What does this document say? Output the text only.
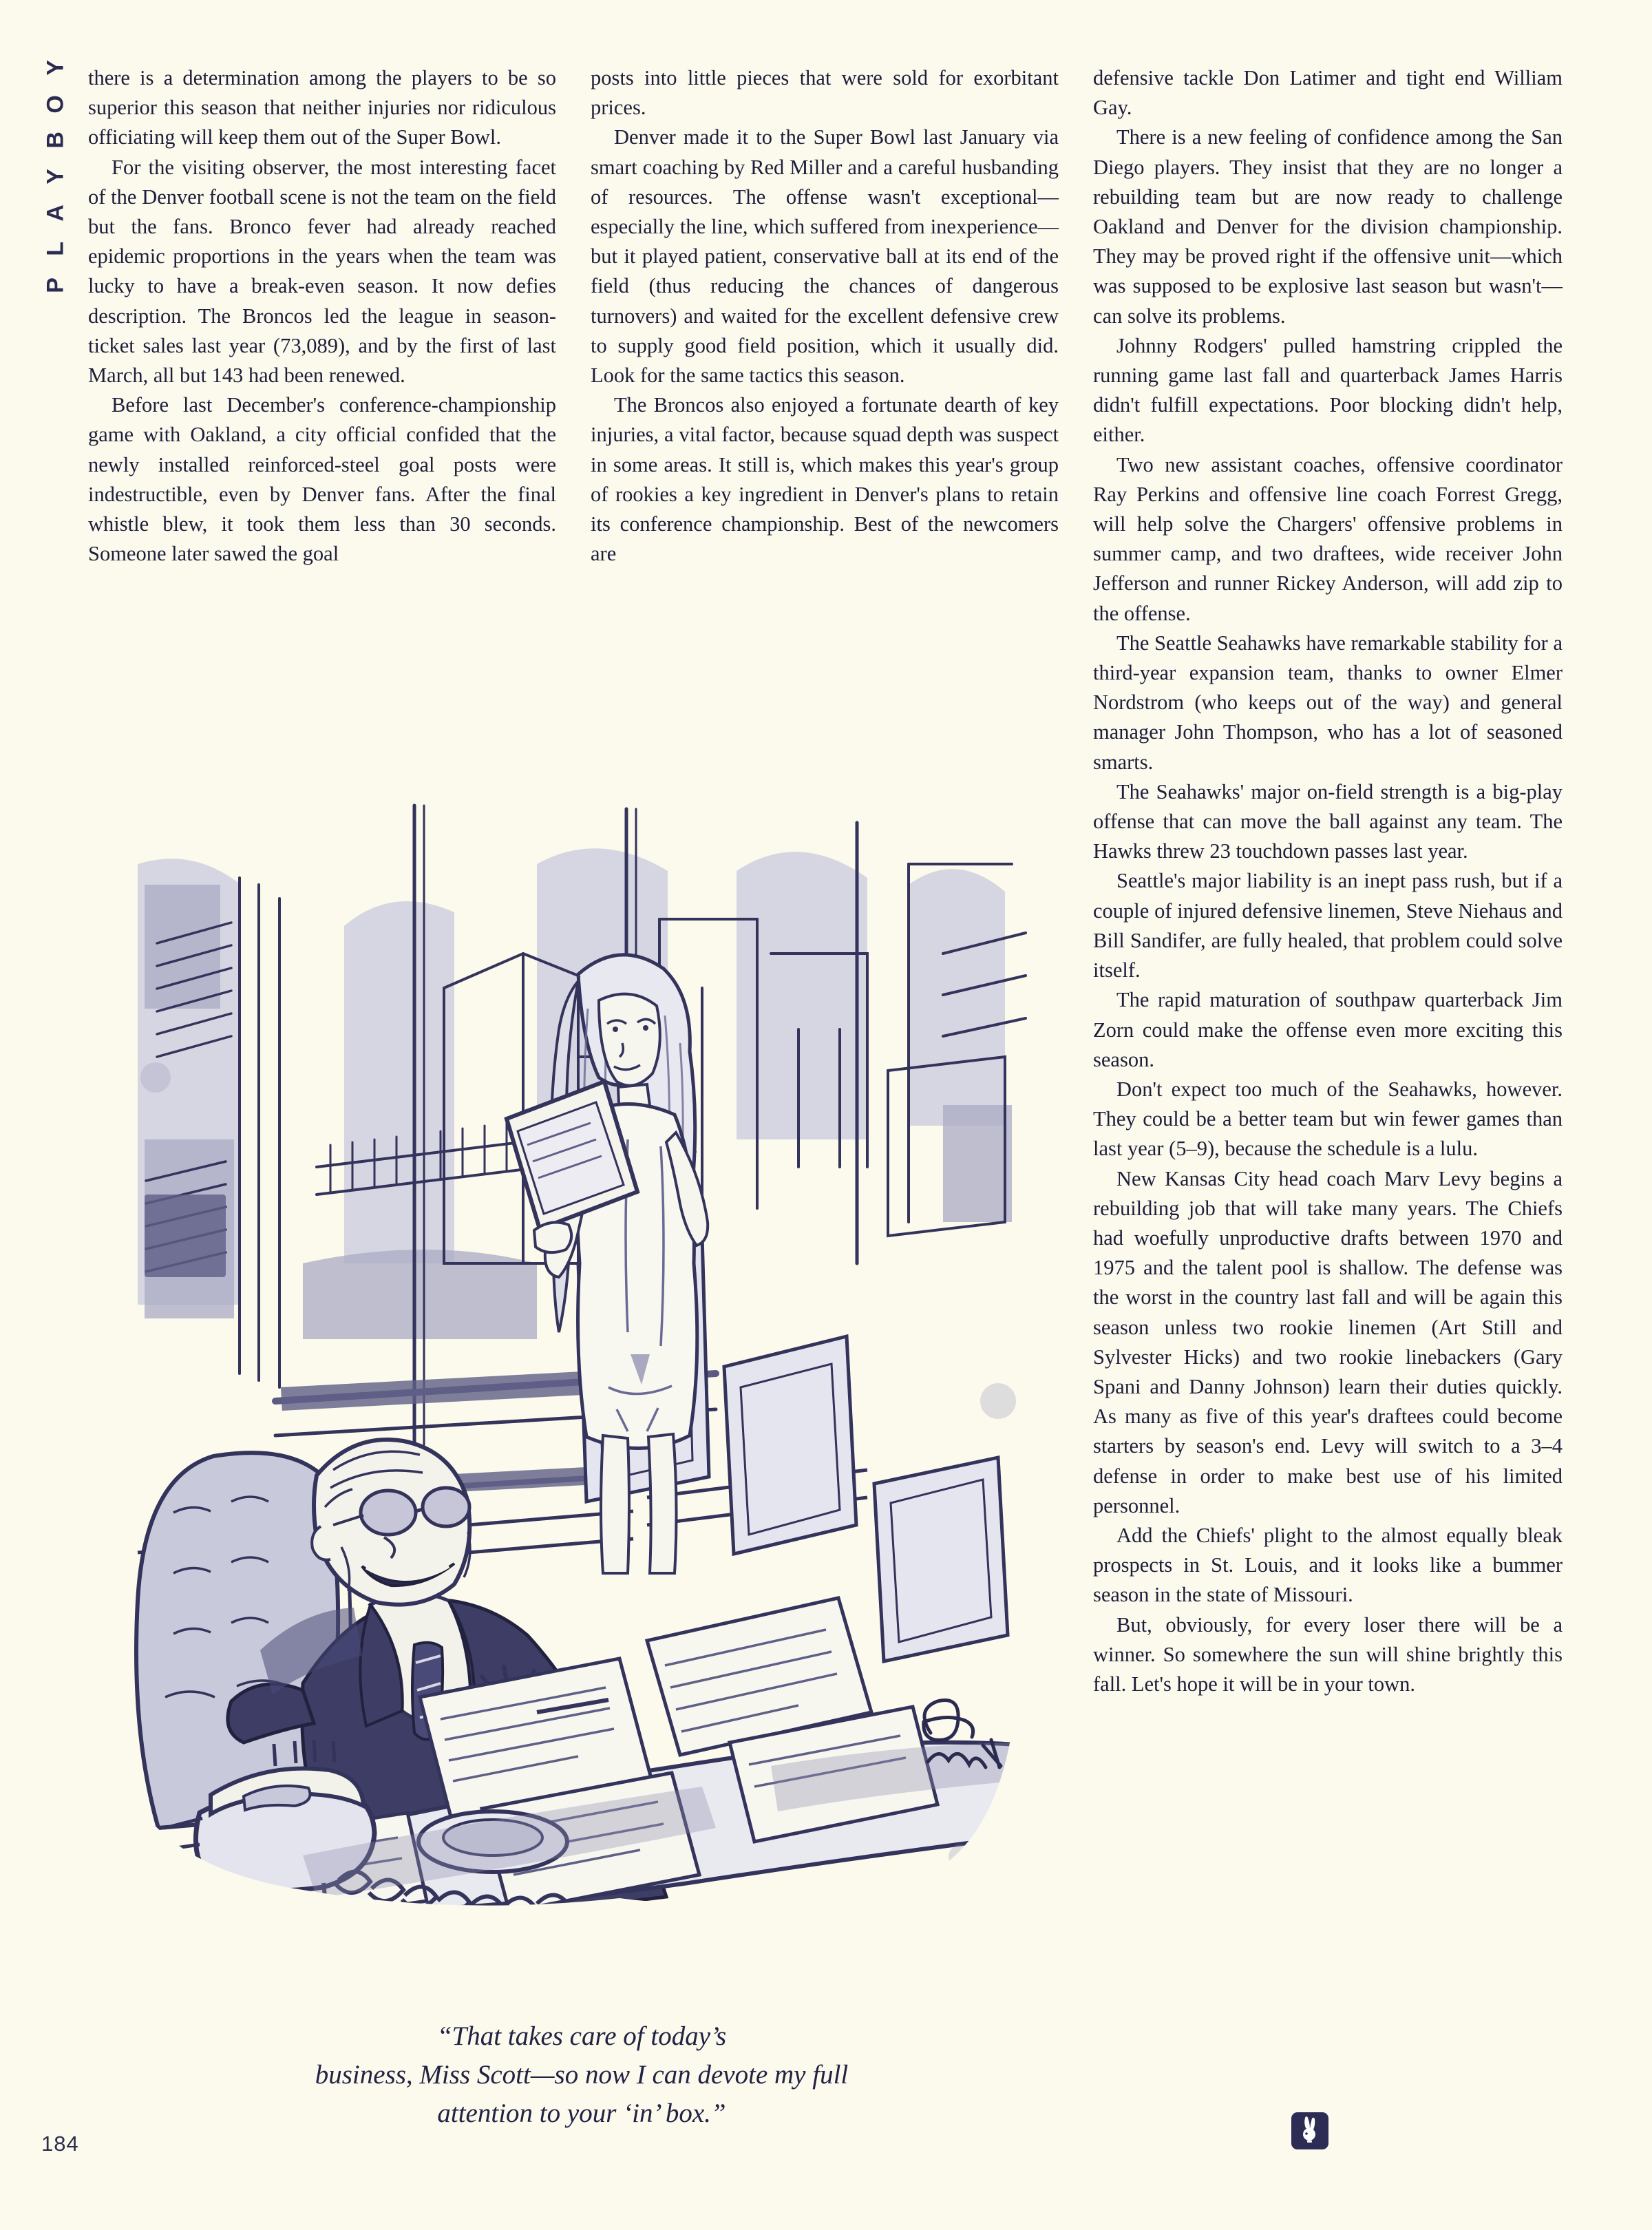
Y
O
B
Y
A
L
P

there is a determination among the players to be so superior this season that neither injuries nor ridiculous officiating will keep them out of the Super Bowl.

For the visiting observer, the most interesting facet of the Denver football scene is not the team on the field but the fans. Bronco fever had already reached epidemic proportions in the years when the team was lucky to have a break-even season. It now defies description. The Broncos led the league in season-ticket sales last year (73,089), and by the first of last March, all but 143 had been renewed.

Before last December's conference-championship game with Oakland, a city official confided that the newly installed reinforced-steel goal posts were indestructible, even by Denver fans. After the final whistle blew, it took them less than 30 seconds. Someone later sawed the goal

posts into little pieces that were sold for exorbitant prices.

Denver made it to the Super Bowl last January via smart coaching by Red Miller and a careful husbanding of resources. The offense wasn't exceptional—especially the line, which suffered from inexperience—but it played patient, conservative ball at its end of the field (thus reducing the chances of dangerous turnovers) and waited for the excellent defensive crew to supply good field position, which it usually did. Look for the same tactics this season.

The Broncos also enjoyed a fortunate dearth of key injuries, a vital factor, because squad depth was suspect in some areas. It still is, which makes this year's group of rookies a key ingredient in Denver's plans to retain its conference championship. Best of the newcomers are

defensive tackle Don Latimer and tight end William Gay.

There is a new feeling of confidence among the San Diego players. They insist that they are no longer a rebuilding team but are now ready to challenge Oakland and Denver for the division championship. They may be proved right if the offensive unit—which was supposed to be explosive last season but wasn't—can solve its problems.

Johnny Rodgers' pulled hamstring crippled the running game last fall and quarterback James Harris didn't fulfill expectations. Poor blocking didn't help, either.

Two new assistant coaches, offensive coordinator Ray Perkins and offensive line coach Forrest Gregg, will help solve the Chargers' offensive problems in summer camp, and two draftees, wide receiver John Jefferson and runner Rickey Anderson, will add zip to the offense.

The Seattle Seahawks have remarkable stability for a third-year expansion team, thanks to owner Elmer Nordstrom (who keeps out of the way) and general manager John Thompson, who has a lot of seasoned smarts.

The Seahawks' major on-field strength is a big-play offense that can move the ball against any team. The Hawks threw 23 touchdown passes last year.

Seattle's major liability is an inept pass rush, but if a couple of injured defensive linemen, Steve Niehaus and Bill Sandifer, are fully healed, that problem could solve itself.

The rapid maturation of southpaw quarterback Jim Zorn could make the offense even more exciting this season.

Don't expect too much of the Seahawks, however. They could be a better team but win fewer games than last year (5–9), because the schedule is a lulu.

New Kansas City head coach Marv Levy begins a rebuilding job that will take many years. The Chiefs had woefully unproductive drafts between 1970 and 1975 and the talent pool is shallow. The defense was the worst in the country last fall and will be again this season unless two rookie linemen (Art Still and Sylvester Hicks) and two rookie linebackers (Gary Spani and Danny Johnson) learn their duties quickly. As many as five of this year's draftees could become starters by season's end. Levy will switch to a 3–4 defense in order to make best use of his limited personnel.

Add the Chiefs' plight to the almost equally bleak prospects in St. Louis, and it looks like a bummer season in the state of Missouri.

But, obviously, for every loser there will be a winner. So somewhere the sun will shine brightly this fall. Let's hope it will be in your town.

“That takes care of today’s
business, Miss Scott—so now I can devote my full
attention to your ‘in’ box.”
184
